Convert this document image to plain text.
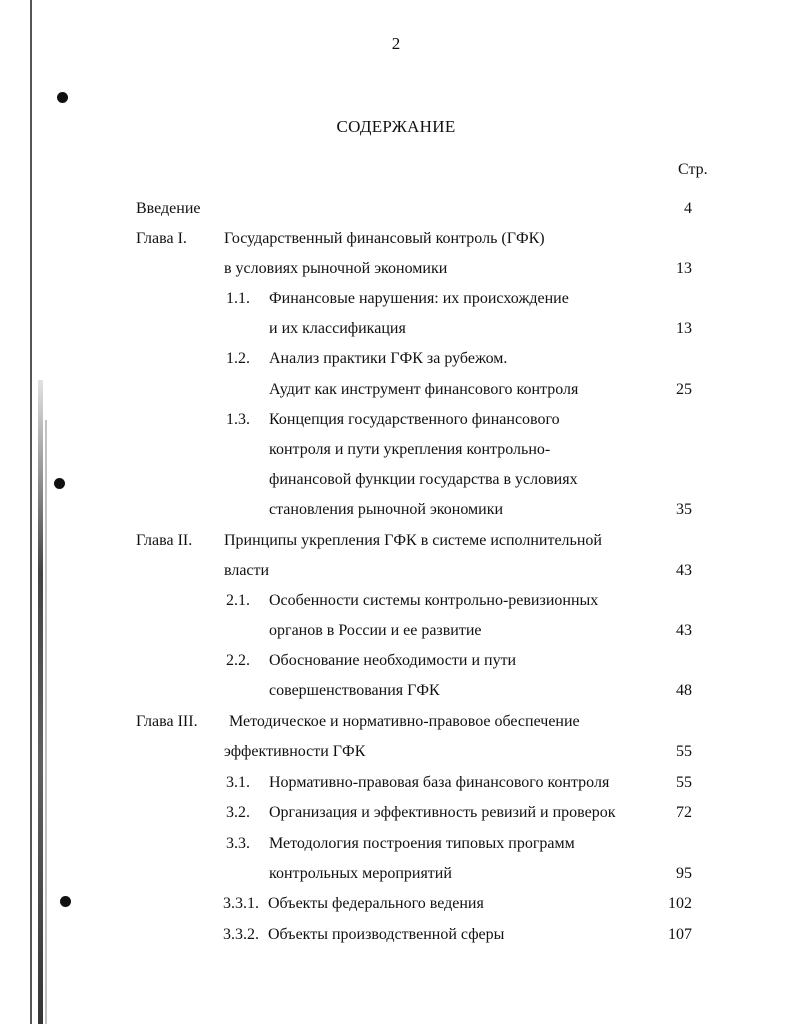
2
СОДЕРЖАНИЕ
Стр.
Введение	4
Глава I. Государственный финансовый контроль (ГФК)
в условиях рыночной экономики	13
1.1. Финансовые нарушения: их происхождение
и их классификация	13
1.2. Анализ практики ГФК за рубежом.
Аудит как инструмент финансового контроля	25
1.3. Концепция государственного финансового
контроля и пути укрепления контрольно-
финансовой функции государства в условиях
становления рыночной экономики	35
Глава II. Принципы укрепления ГФК в системе исполнительной
власти	43
2.1. Особенности системы контрольно-ревизионных
органов в России и ее развитие	43
2.2. Обоснование необходимости и пути
совершенствования ГФК	48
Глава III. Методическое и нормативно-правовое обеспечение
эффективности ГФК	55
3.1. Нормативно-правовая база финансового контроля	55
3.2. Организация и эффективность ревизий и проверок	72
3.3. Методология построения типовых программ
контрольных мероприятий	95
3.3.1. Объекты федерального ведения	102
3.3.2. Объекты производственной сферы	107
